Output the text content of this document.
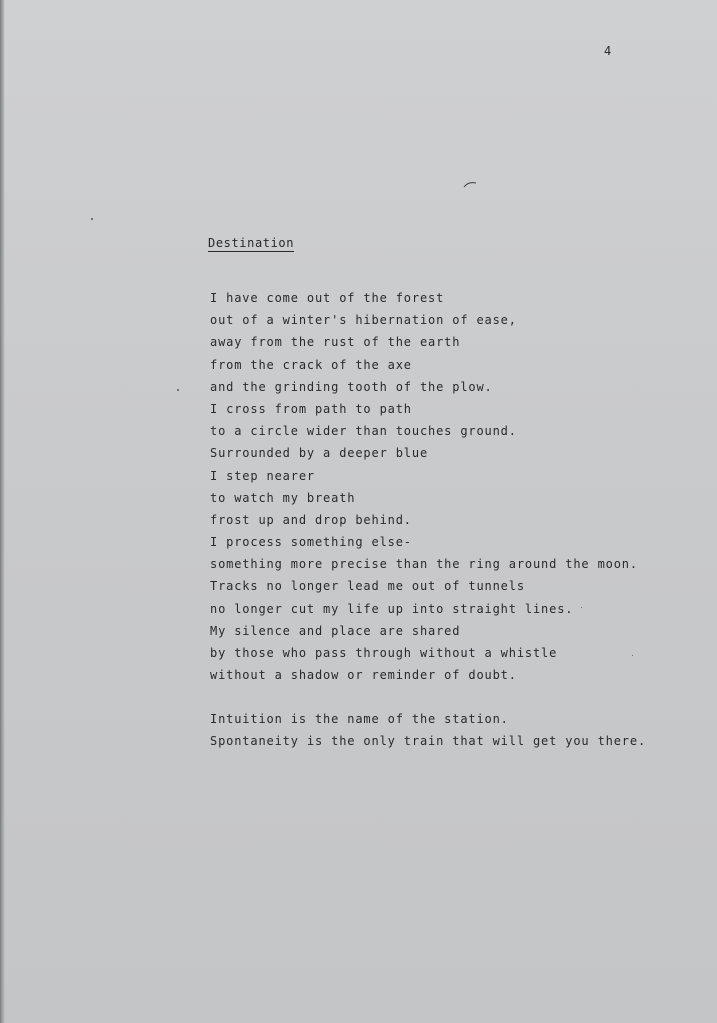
4
Destination
I have come out of the forest
out of a winter's hibernation of ease,
away from the rust of the earth
from the crack of the axe
and the grinding tooth of the plow.
I cross from path to path
to a circle wider than touches ground.
Surrounded by a deeper blue
I step nearer
to watch my breath
frost up and drop behind.
I process something else-
something more precise than the ring around the moon.
Tracks no longer lead me out of tunnels
no longer cut my life up into straight lines.
My silence and place are shared
by those who pass through without a whistle
without a shadow or reminder of doubt.
Intuition is the name of the station.
Spontaneity is the only train that will get you there.
